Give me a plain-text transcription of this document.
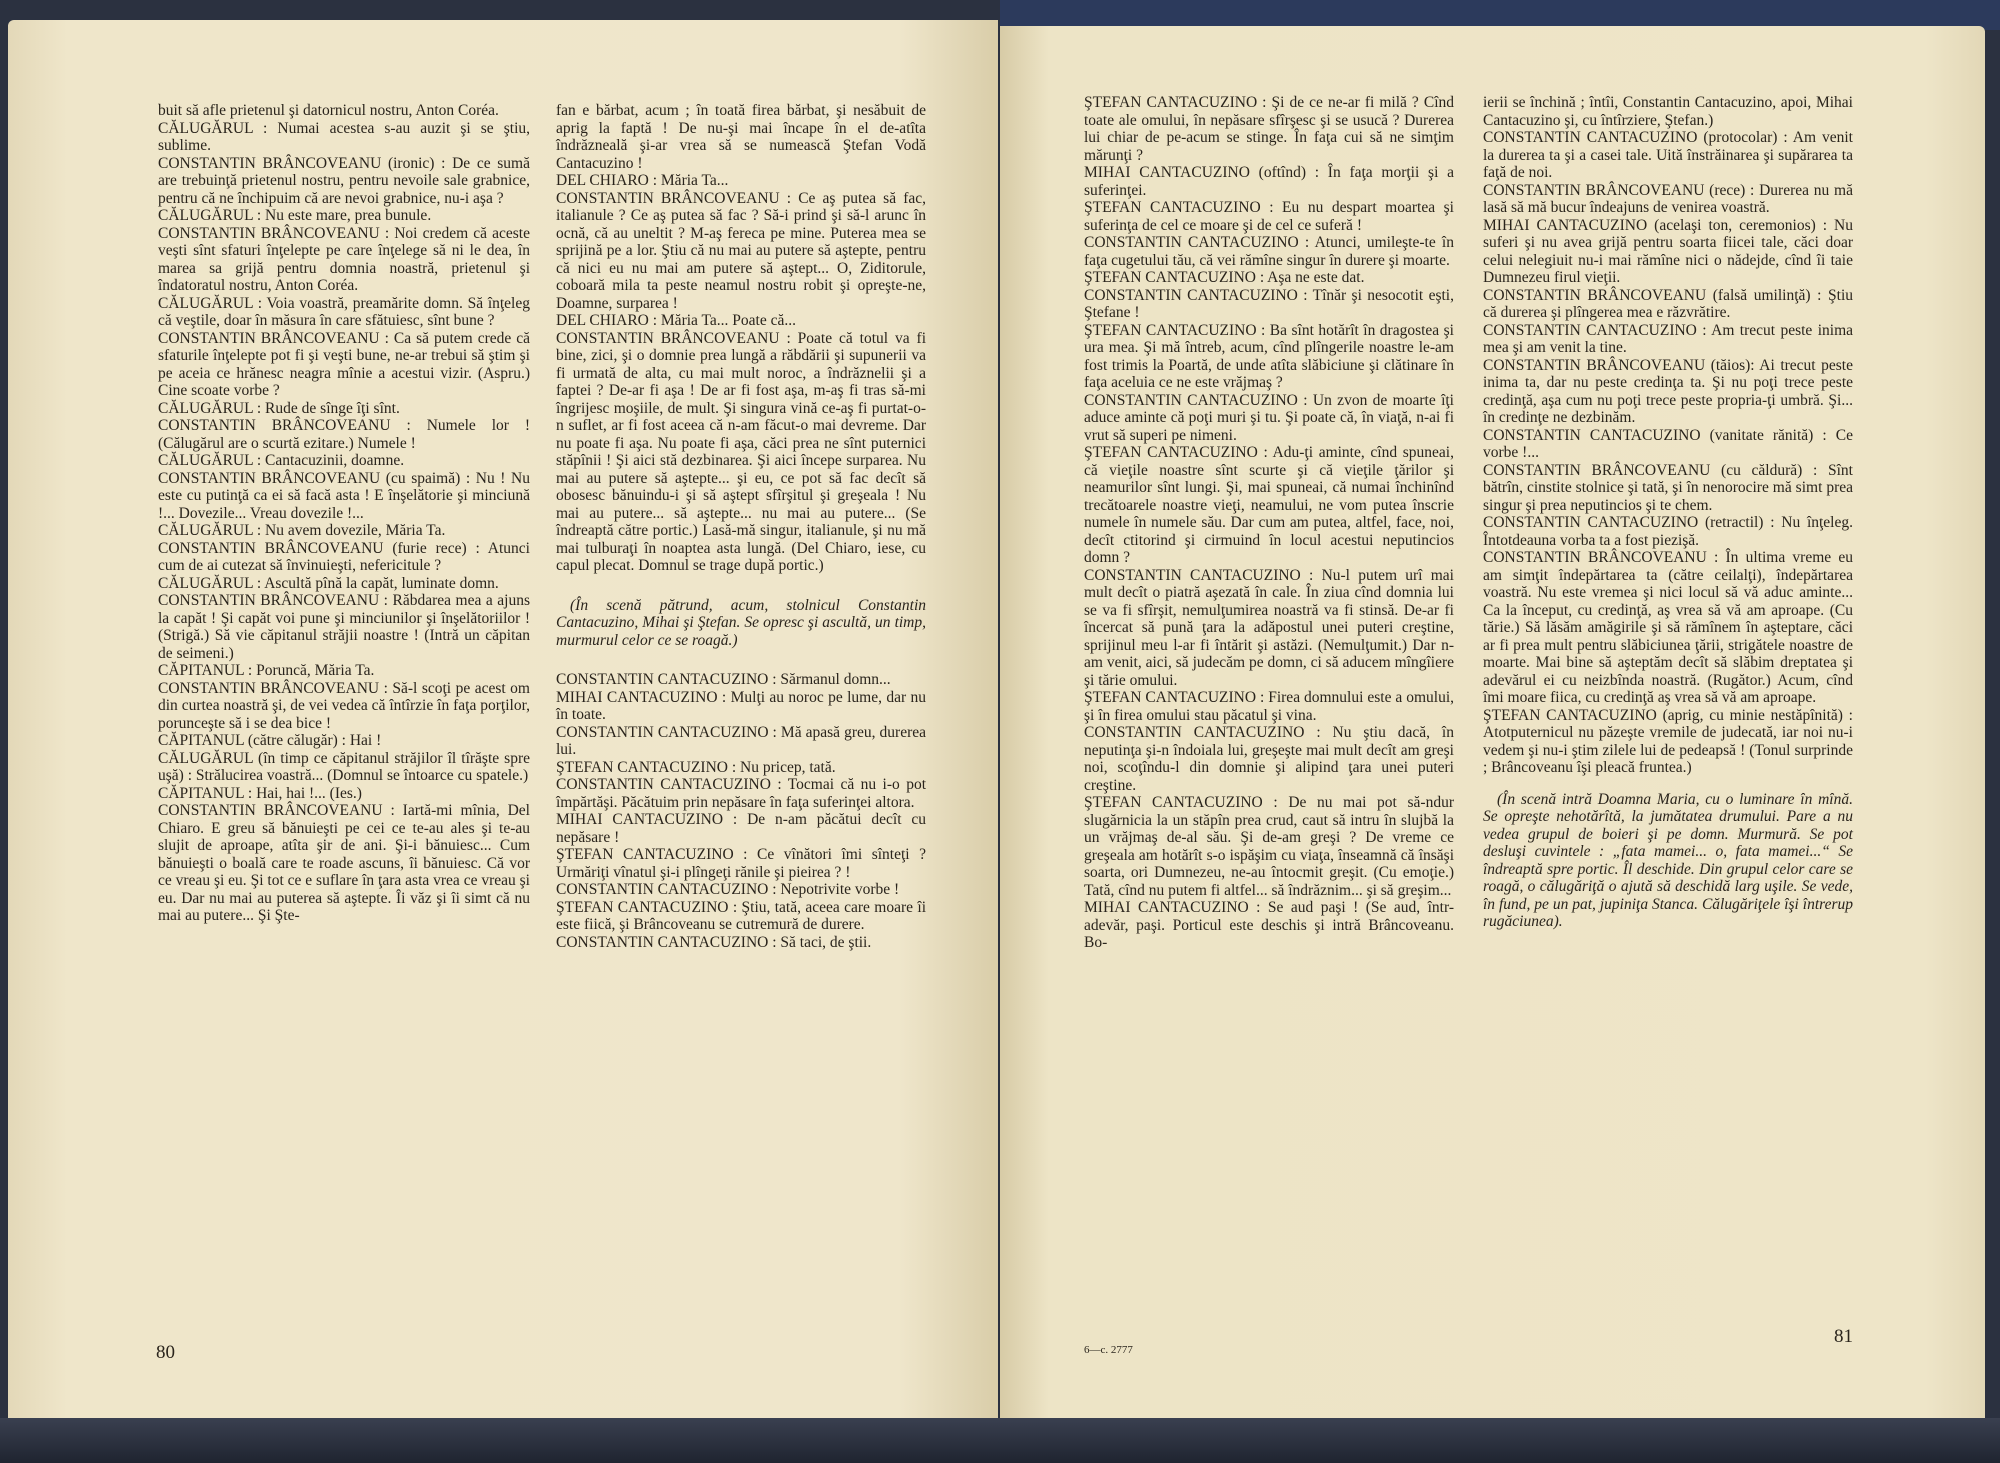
buit să afle prietenul şi datornicul nostru, Anton Coréa.

CĂLUGĂRUL : Numai acestea s-au auzit şi se ştiu, sublime.

CONSTANTIN BRÂNCOVEANU (ironic) : De ce sumă are trebuinţă prietenul nostru, pentru nevoile sale grabnice, pentru că ne închipuim că are nevoi grabnice, nu-i aşa ?

CĂLUGĂRUL : Nu este mare, prea bunule.

CONSTANTIN BRÂNCOVEANU : Noi credem că aceste veşti sînt sfaturi înţelepte pe care înţelege să ni le dea, în marea sa grijă pentru domnia noastră, prietenul şi îndatoratul nostru, Anton Coréa.

CĂLUGĂRUL : Voia voastră, preamărite domn. Să înţeleg că veştile, doar în măsura în care sfătuiesc, sînt bune ?

CONSTANTIN BRÂNCOVEANU : Ca să putem crede că sfaturile înţelepte pot fi şi veşti bune, ne-ar trebui să ştim şi pe aceia ce hrănesc neagra mînie a acestui vizir. (Aspru.) Cine scoate vorbe ?

CĂLUGĂRUL : Rude de sînge îţi sînt.

CONSTANTIN BRÂNCOVEANU : Numele lor ! (Călugărul are o scurtă ezitare.) Numele !

CĂLUGĂRUL : Cantacuzinii, doamne.

CONSTANTIN BRÂNCOVEANU (cu spaimă) : Nu ! Nu este cu putinţă ca ei să facă asta ! E înşelătorie şi minciună !... Dovezile... Vreau dovezile !...

CĂLUGĂRUL : Nu avem dovezile, Măria Ta.

CONSTANTIN BRÂNCOVEANU (furie rece) : Atunci cum de ai cutezat să învinuieşti, nefericitule ?

CĂLUGĂRUL : Ascultă pînă la capăt, luminate domn.

CONSTANTIN BRÂNCOVEANU : Răbdarea mea a ajuns la capăt ! Şi capăt voi pune şi minciunilor şi înşelătoriilor ! (Strigă.) Să vie căpitanul străjii noastre ! (Intră un căpitan de seimeni.)

CĂPITANUL : Poruncă, Măria Ta.

CONSTANTIN BRÂNCOVEANU : Să-l scoţi pe acest om din curtea noastră şi, de vei vedea că întîrzie în faţa porţilor, porunceşte să i se dea bice !

CĂPITANUL (către călugăr) : Hai !

CĂLUGĂRUL (în timp ce căpitanul străjilor îl tîrăşte spre uşă) : Strălucirea voastră... (Domnul se întoarce cu spatele.)

CĂPITANUL : Hai, hai !... (Ies.)

CONSTANTIN BRÂNCOVEANU : Iartă-mi mînia, Del Chiaro. E greu să bănuieşti pe cei ce te-au ales şi te-au slujit de aproape, atîta şir de ani. Şi-i bănuiesc... Cum bănuieşti o boală care te roade ascuns, îi bănuiesc. Că vor ce vreau şi eu. Şi tot ce e suflare în ţara asta vrea ce vreau şi eu. Dar nu mai au puterea să aştepte. Îi văz şi îi simt că nu mai au putere... Şi Şte-

fan e bărbat, acum ; în toată firea bărbat, şi nesăbuit de aprig la faptă ! De nu-şi mai încape în el de-atîta îndrăzneală şi-ar vrea să se numească Ştefan Vodă Cantacuzino !

DEL CHIARO : Măria Ta...

CONSTANTIN BRÂNCOVEANU : Ce aş putea să fac, italianule ? Ce aş putea să fac ? Să-i prind şi să-l arunc în ocnă, că au uneltit ? M-aş fereca pe mine. Puterea mea se sprijină pe a lor. Ştiu că nu mai au putere să aştepte, pentru că nici eu nu mai am putere să aştept... O, Ziditorule, coboară mila ta peste neamul nostru robit şi opreşte-ne, Doamne, surparea !

DEL CHIARO : Măria Ta... Poate că...

CONSTANTIN BRÂNCOVEANU : Poate că totul va fi bine, zici, şi o domnie prea lungă a răbdării şi supunerii va fi urmată de alta, cu mai mult noroc, a îndrăznelii şi a faptei ? De-ar fi aşa ! De ar fi fost aşa, m-aş fi tras să-mi îngrijesc moşiile, de mult. Şi singura vină ce-aş fi purtat-o-n suflet, ar fi fost aceea că n-am făcut-o mai devreme. Dar nu poate fi aşa. Nu poate fi aşa, căci prea ne sînt puternici stăpînii ! Şi aici stă dezbinarea. Şi aici începe surparea. Nu mai au putere să aştepte... şi eu, ce pot să fac decît să obosesc bănuindu-i şi să aştept sfîrşitul şi greşeala ! Nu mai au putere... să aştepte... nu mai au putere... (Se îndreaptă către portic.) Lasă-mă singur, italianule, şi nu mă mai tulburaţi în noaptea asta lungă. (Del Chiaro, iese, cu capul plecat. Domnul se trage după portic.)

(În scenă pătrund, acum, stolnicul Constantin Cantacuzino, Mihai şi Ştefan. Se opresc şi ascultă, un timp, murmurul celor ce se roagă.)

CONSTANTIN CANTACUZINO : Sărmanul domn...

MIHAI CANTACUZINO : Mulţi au noroc pe lume, dar nu în toate.

CONSTANTIN CANTACUZINO : Mă apasă greu, durerea lui.

ŞTEFAN CANTACUZINO : Nu pricep, tată.

CONSTANTIN CANTACUZINO : Tocmai că nu i-o pot împărtăşi. Păcătuim prin nepăsare în faţa suferinţei altora.

MIHAI CANTACUZINO : De n-am păcătui decît cu nepăsare !

ŞTEFAN CANTACUZINO : Ce vînători îmi sînteţi ? Urmăriţi vînatul şi-i plîngeţi rănile şi pieirea ? !

CONSTANTIN CANTACUZINO : Nepotrivite vorbe !

ŞTEFAN CANTACUZINO : Ştiu, tată, aceea care moare îi este fiică, şi Brâncoveanu se cutremură de durere.

CONSTANTIN CANTACUZINO : Să taci, de ştii.

80

ŞTEFAN CANTACUZINO : Şi de ce ne-ar fi milă ? Cînd toate ale omului, în nepăsare sfîrşesc şi se usucă ? Durerea lui chiar de pe-acum se stinge. În faţa cui să ne simţim mărunţi ?

MIHAI CANTACUZINO (oftînd) : În faţa morţii şi a suferinţei.

ŞTEFAN CANTACUZINO : Eu nu despart moartea şi suferinţa de cel ce moare şi de cel ce suferă !

CONSTANTIN CANTACUZINO : Atunci, umileşte-te în faţa cugetului tău, că vei rămîne singur în durere şi moarte.

ŞTEFAN CANTACUZINO : Aşa ne este dat.

CONSTANTIN CANTACUZINO : Tînăr şi nesocotit eşti, Ştefane !

ŞTEFAN CANTACUZINO : Ba sînt hotărît în dragostea şi ura mea. Şi mă întreb, acum, cînd plîngerile noastre le-am fost trimis la Poartă, de unde atîta slăbiciune şi clătinare în faţa aceluia ce ne este vrăjmaş ?

CONSTANTIN CANTACUZINO : Un zvon de moarte îţi aduce aminte că poţi muri şi tu. Şi poate că, în viaţă, n-ai fi vrut să superi pe nimeni.

ŞTEFAN CANTACUZINO : Adu-ţi aminte, cînd spuneai, că vieţile noastre sînt scurte şi că vieţile ţărilor şi neamurilor sînt lungi. Şi, mai spuneai, că numai închinînd trecătoarele noastre vieţi, neamului, ne vom putea înscrie numele în numele său. Dar cum am putea, altfel, face, noi, decît ctitorind şi cirmuind în locul acestui neputincios domn ?

CONSTANTIN CANTACUZINO : Nu-l putem urî mai mult decît o piatră aşezată în cale. În ziua cînd domnia lui se va fi sfîrşit, nemulţumirea noastră va fi stinsă. De-ar fi încercat să pună ţara la adăpostul unei puteri creştine, sprijinul meu l-ar fi întărit şi astăzi. (Nemulţumit.) Dar n-am venit, aici, să judecăm pe domn, ci să aducem mîngîiere şi tărie omului.

ŞTEFAN CANTACUZINO : Firea domnului este a omului, şi în firea omului stau păcatul şi vina.

CONSTANTIN CANTACUZINO : Nu ştiu dacă, în neputinţa şi-n îndoiala lui, greşeşte mai mult decît am greşi noi, scoţîndu-l din domnie şi alipind ţara unei puteri creştine.

ŞTEFAN CANTACUZINO : De nu mai pot să-ndur slugărnicia la un stăpîn prea crud, caut să intru în slujbă la un vrăjmaş de-al său. Şi de-am greşi ? De vreme ce greşeala am hotărît s-o ispăşim cu viaţa, înseamnă că însăşi soarta, ori Dumnezeu, ne-au întocmit greşit. (Cu emoţie.) Tată, cînd nu putem fi altfel... să îndrăznim... şi să greşim...

MIHAI CANTACUZINO : Se aud paşi ! (Se aud, într-adevăr, paşi. Porticul este deschis şi intră Brâncoveanu. Bo-

ierii se închină ; întîi, Constantin Cantacuzino, apoi, Mihai Cantacuzino şi, cu întîrziere, Ştefan.)

CONSTANTIN CANTACUZINO (protocolar) : Am venit la durerea ta şi a casei tale. Uită înstrăinarea şi supărarea ta faţă de noi.

CONSTANTIN BRÂNCOVEANU (rece) : Durerea nu mă lasă să mă bucur îndeajuns de venirea voastră.

MIHAI CANTACUZINO (acelaşi ton, ceremonios) : Nu suferi şi nu avea grijă pentru soarta fiicei tale, căci doar celui nelegiuit nu-i mai rămîne nici o nădejde, cînd îi taie Dumnezeu firul vieţii.

CONSTANTIN BRÂNCOVEANU (falsă umilinţă) : Ştiu că durerea şi plîngerea mea e răzvrătire.

CONSTANTIN CANTACUZINO : Am trecut peste inima mea şi am venit la tine.

CONSTANTIN BRÂNCOVEANU (tăios): Ai trecut peste inima ta, dar nu peste credinţa ta. Şi nu poţi trece peste credinţă, aşa cum nu poţi trece peste propria-ţi umbră. Şi... în credinţe ne dezbinăm.

CONSTANTIN CANTACUZINO (vanitate rănită) : Ce vorbe !...

CONSTANTIN BRÂNCOVEANU (cu căldură) : Sînt bătrîn, cinstite stolnice şi tată, şi în nenorocire mă simt prea singur şi prea neputincios şi te chem.

CONSTANTIN CANTACUZINO (retractil) : Nu înţeleg. Întotdeauna vorba ta a fost piezişă.

CONSTANTIN BRÂNCOVEANU : În ultima vreme eu am simţit îndepărtarea ta (către ceilalţi), îndepărtarea voastră. Nu este vremea şi nici locul să vă aduc aminte... Ca la început, cu credinţă, aş vrea să vă am aproape. (Cu tărie.) Să lăsăm amăgirile şi să rămînem în aşteptare, căci ar fi prea mult pentru slăbiciunea ţării, strigătele noastre de moarte. Mai bine să aşteptăm decît să slăbim dreptatea şi adevărul ei cu neizbînda noastră. (Rugător.) Acum, cînd îmi moare fiica, cu credinţă aş vrea să vă am aproape.

ŞTEFAN CANTACUZINO (aprig, cu minie nestăpînită) : Atotputernicul nu păzeşte vremile de judecată, iar noi nu-i vedem şi nu-i ştim zilele lui de pedeapsă ! (Tonul surprinde ; Brâncoveanu îşi pleacă fruntea.)

(În scenă intră Doamna Maria, cu o luminare în mînă. Se opreşte nehotărîtă, la jumătatea drumului. Pare a nu vedea grupul de boieri şi pe domn. Murmură. Se pot desluşi cuvintele : „fata mamei... o, fata mamei...“ Se îndreaptă spre portic. Îl deschide. Din grupul celor care se roagă, o călugăriţă o ajută să deschidă larg uşile. Se vede, în fund, pe un pat, jupiniţa Stanca. Călugăriţele îşi întrerup rugăciunea).

6—c. 2777
81
